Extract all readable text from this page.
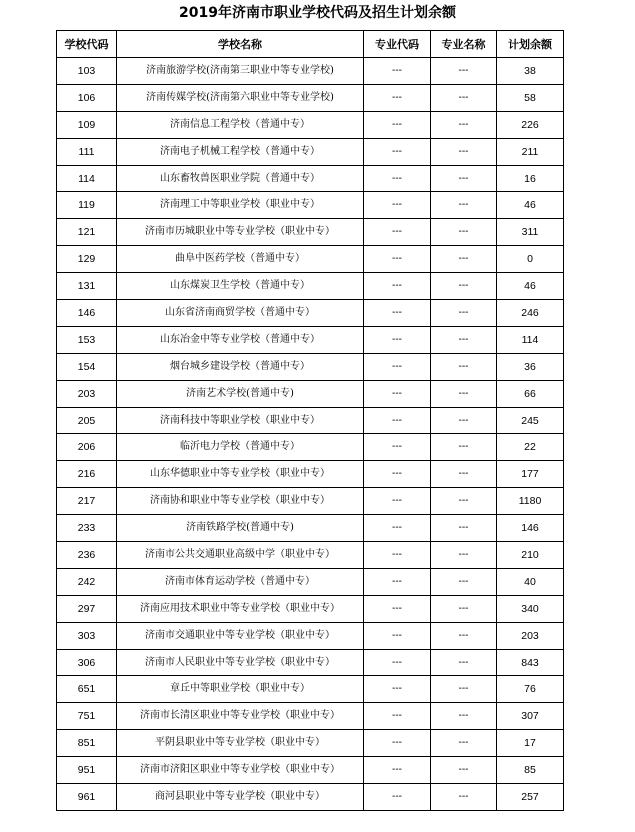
2019年济南市职业学校代码及招生计划余额
学校代码	学校名称	专业代码	专业名称	计划余额
103	济南旅游学校(济南第三职业中等专业学校)	---	---	38
106	济南传媒学校(济南第六职业中等专业学校)	---	---	58
109	济南信息工程学校（普通中专）	---	---	226
111	济南电子机械工程学校（普通中专）	---	---	211
114	山东畜牧兽医职业学院（普通中专）	---	---	16
119	济南理工中等职业学校（职业中专）	---	---	46
121	济南市历城职业中等专业学校（职业中专）	---	---	311
129	曲阜中医药学校（普通中专）	---	---	0
131	山东煤炭卫生学校（普通中专）	---	---	46
146	山东省济南商贸学校（普通中专）	---	---	246
153	山东冶金中等专业学校（普通中专）	---	---	114
154	烟台城乡建设学校（普通中专）	---	---	36
203	济南艺术学校(普通中专)	---	---	66
205	济南科技中等职业学校（职业中专）	---	---	245
206	临沂电力学校（普通中专）	---	---	22
216	山东华德职业中等专业学校（职业中专）	---	---	177
217	济南协和职业中等专业学校（职业中专）	---	---	1180
233	济南铁路学校(普通中专)	---	---	146
236	济南市公共交通职业高级中学（职业中专）	---	---	210
242	济南市体育运动学校（普通中专）	---	---	40
297	济南应用技术职业中等专业学校（职业中专）	---	---	340
303	济南市交通职业中等专业学校（职业中专）	---	---	203
306	济南市人民职业中等专业学校（职业中专）	---	---	843
651	章丘中等职业学校（职业中专）	---	---	76
751	济南市长清区职业中等专业学校（职业中专）	---	---	307
851	平阴县职业中等专业学校（职业中专）	---	---	17
951	济南市济阳区职业中等专业学校（职业中专）	---	---	85
961	商河县职业中等专业学校（职业中专）	---	---	257
